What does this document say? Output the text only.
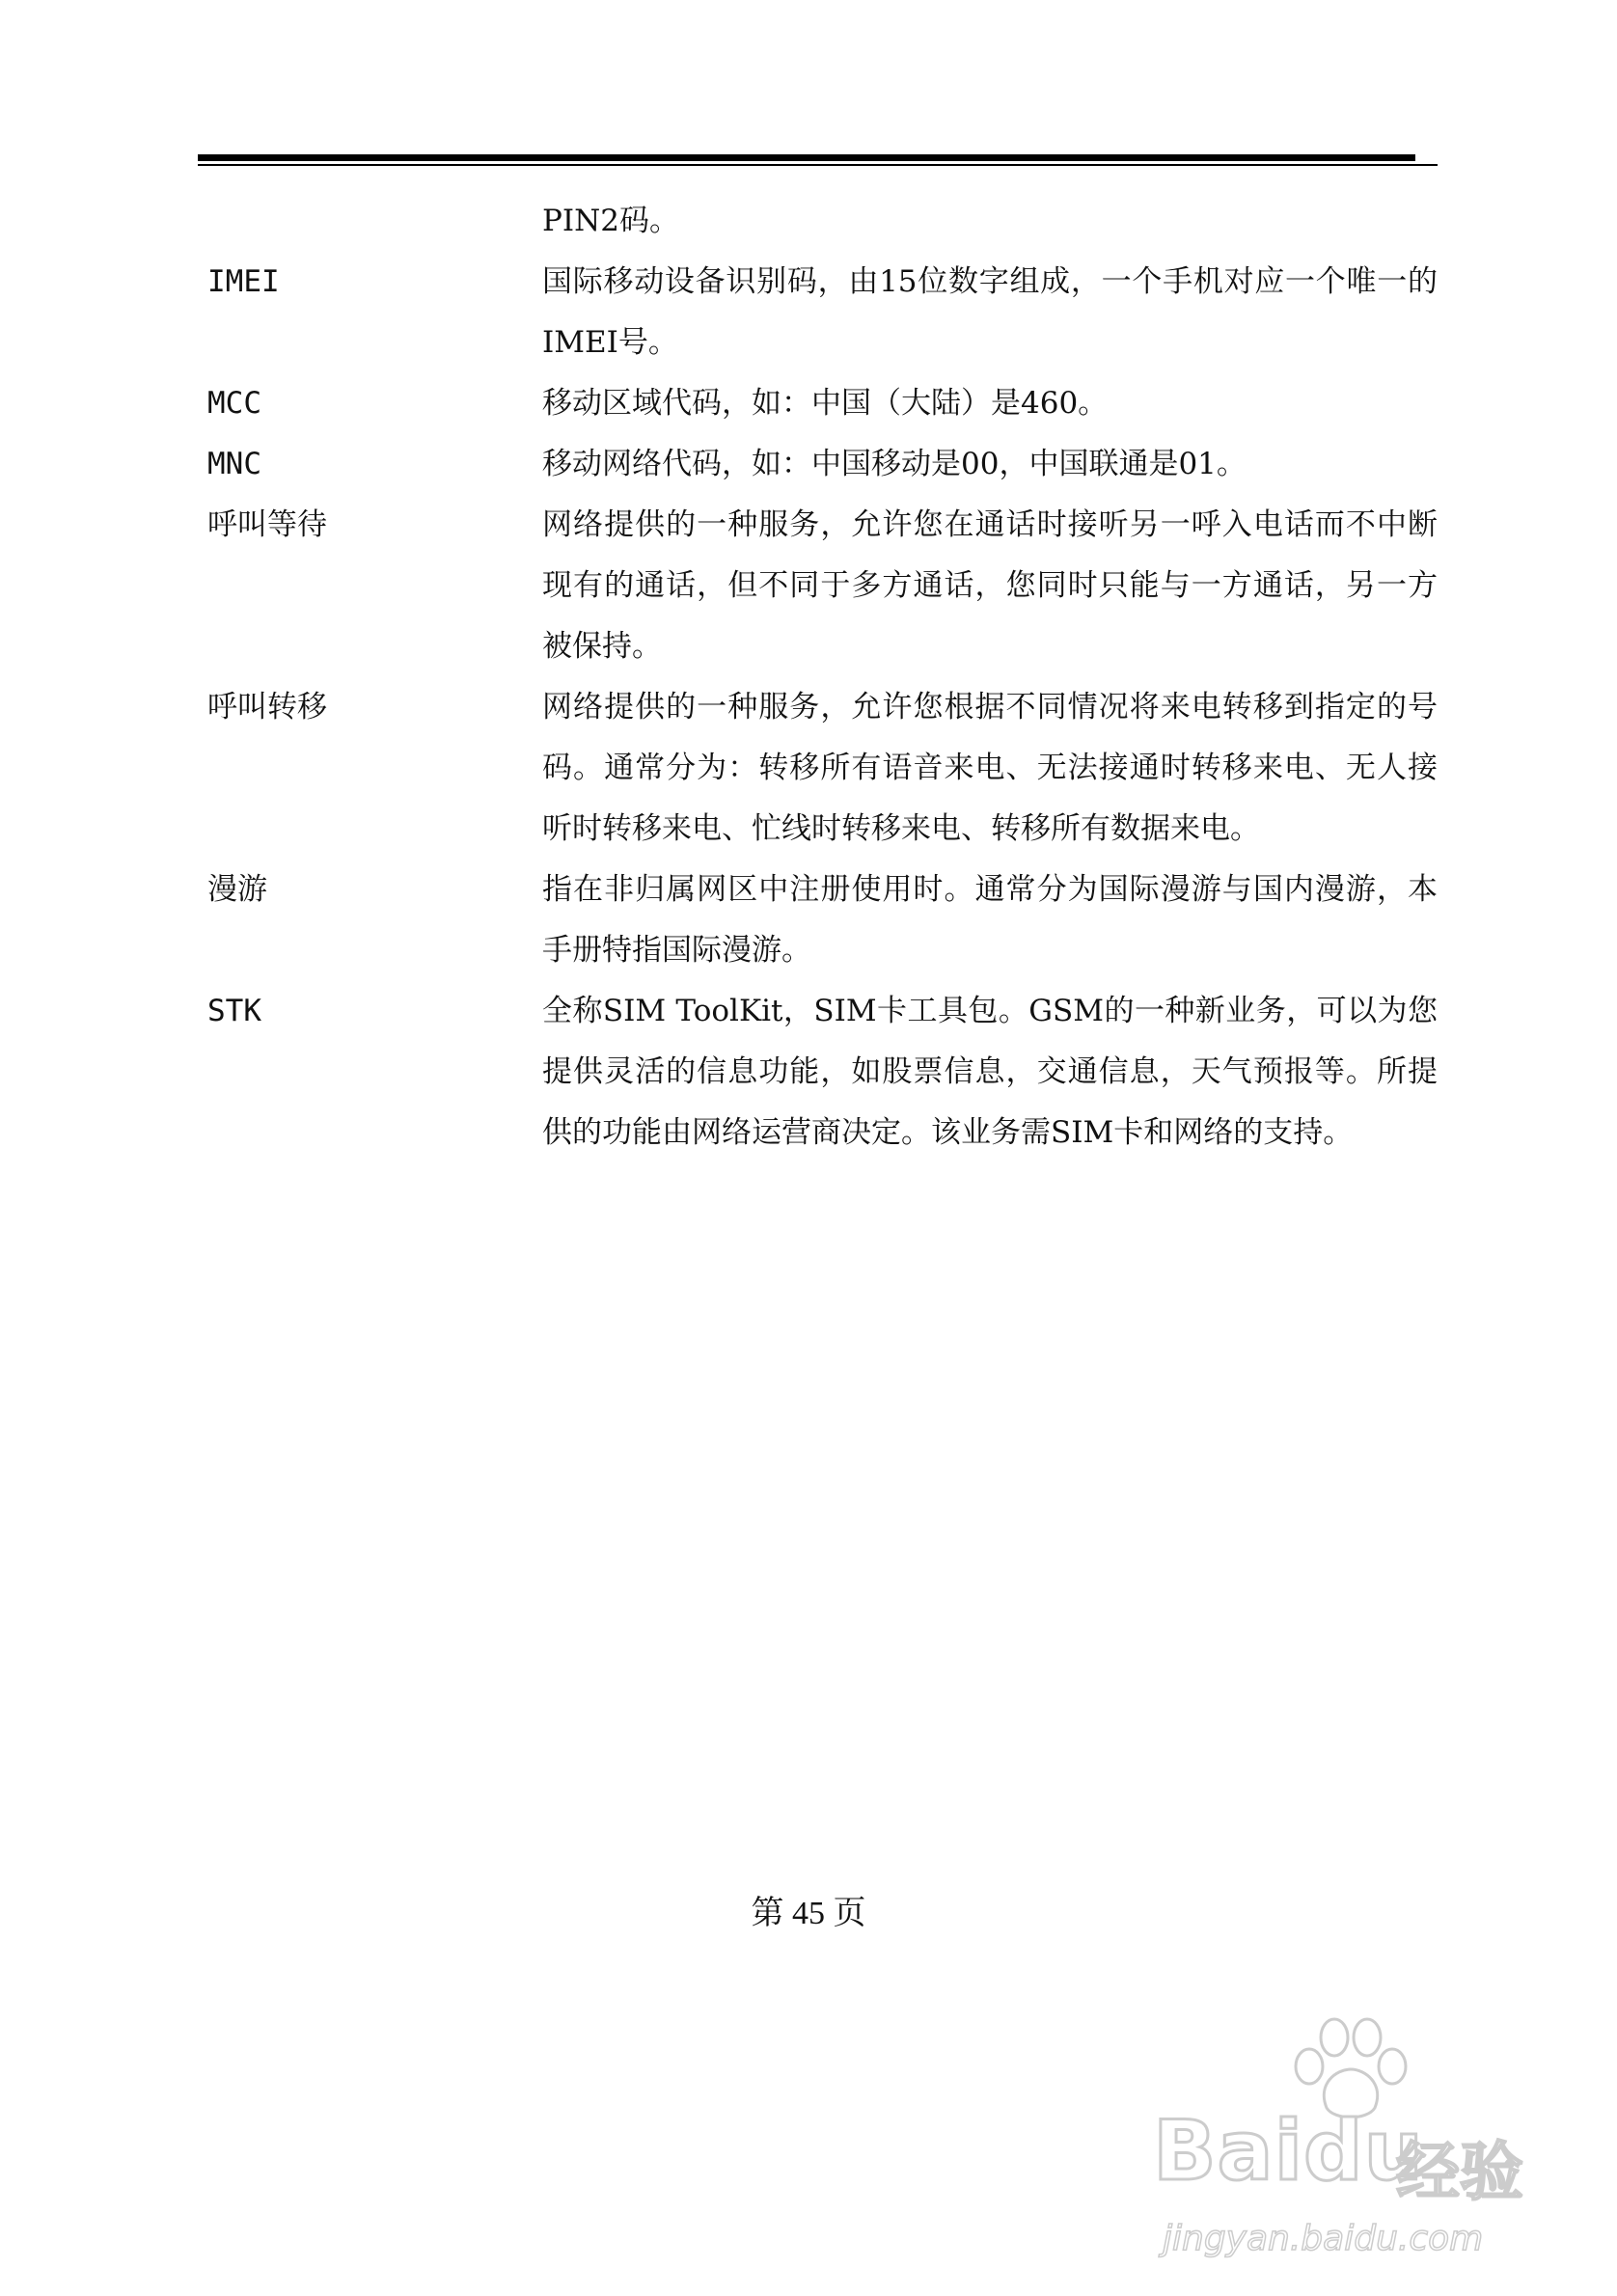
PIN2码。
IMEI	国际移动设备识别码，由15位数字组成，一个手机对应一个唯一的IMEI号。
MCC	移动区域代码，如：中国（大陆）是460。
MNC	移动网络代码，如：中国移动是00，中国联通是01。
呼叫等待	网络提供的一种服务，允许您在通话时接听另一呼入电话而不中断现有的通话，但不同于多方通话，您同时只能与一方通话，另一方被保持。
呼叫转移	网络提供的一种服务，允许您根据不同情况将来电转移到指定的号码。通常分为：转移所有语音来电、无法接通时转移来电、无人接听时转移来电、忙线时转移来电、转移所有数据来电。
漫游	指在非归属网区中注册使用时。通常分为国际漫游与国内漫游，本手册特指国际漫游。
STK	全称SIM ToolKit，SIM卡工具包。GSM的一种新业务，可以为您提供灵活的信息功能，如股票信息，交通信息，天气预报等。所提供的功能由网络运营商决定。该业务需SIM卡和网络的支持。
第 45 页
Baidu
经验
jingyan.baidu.com
